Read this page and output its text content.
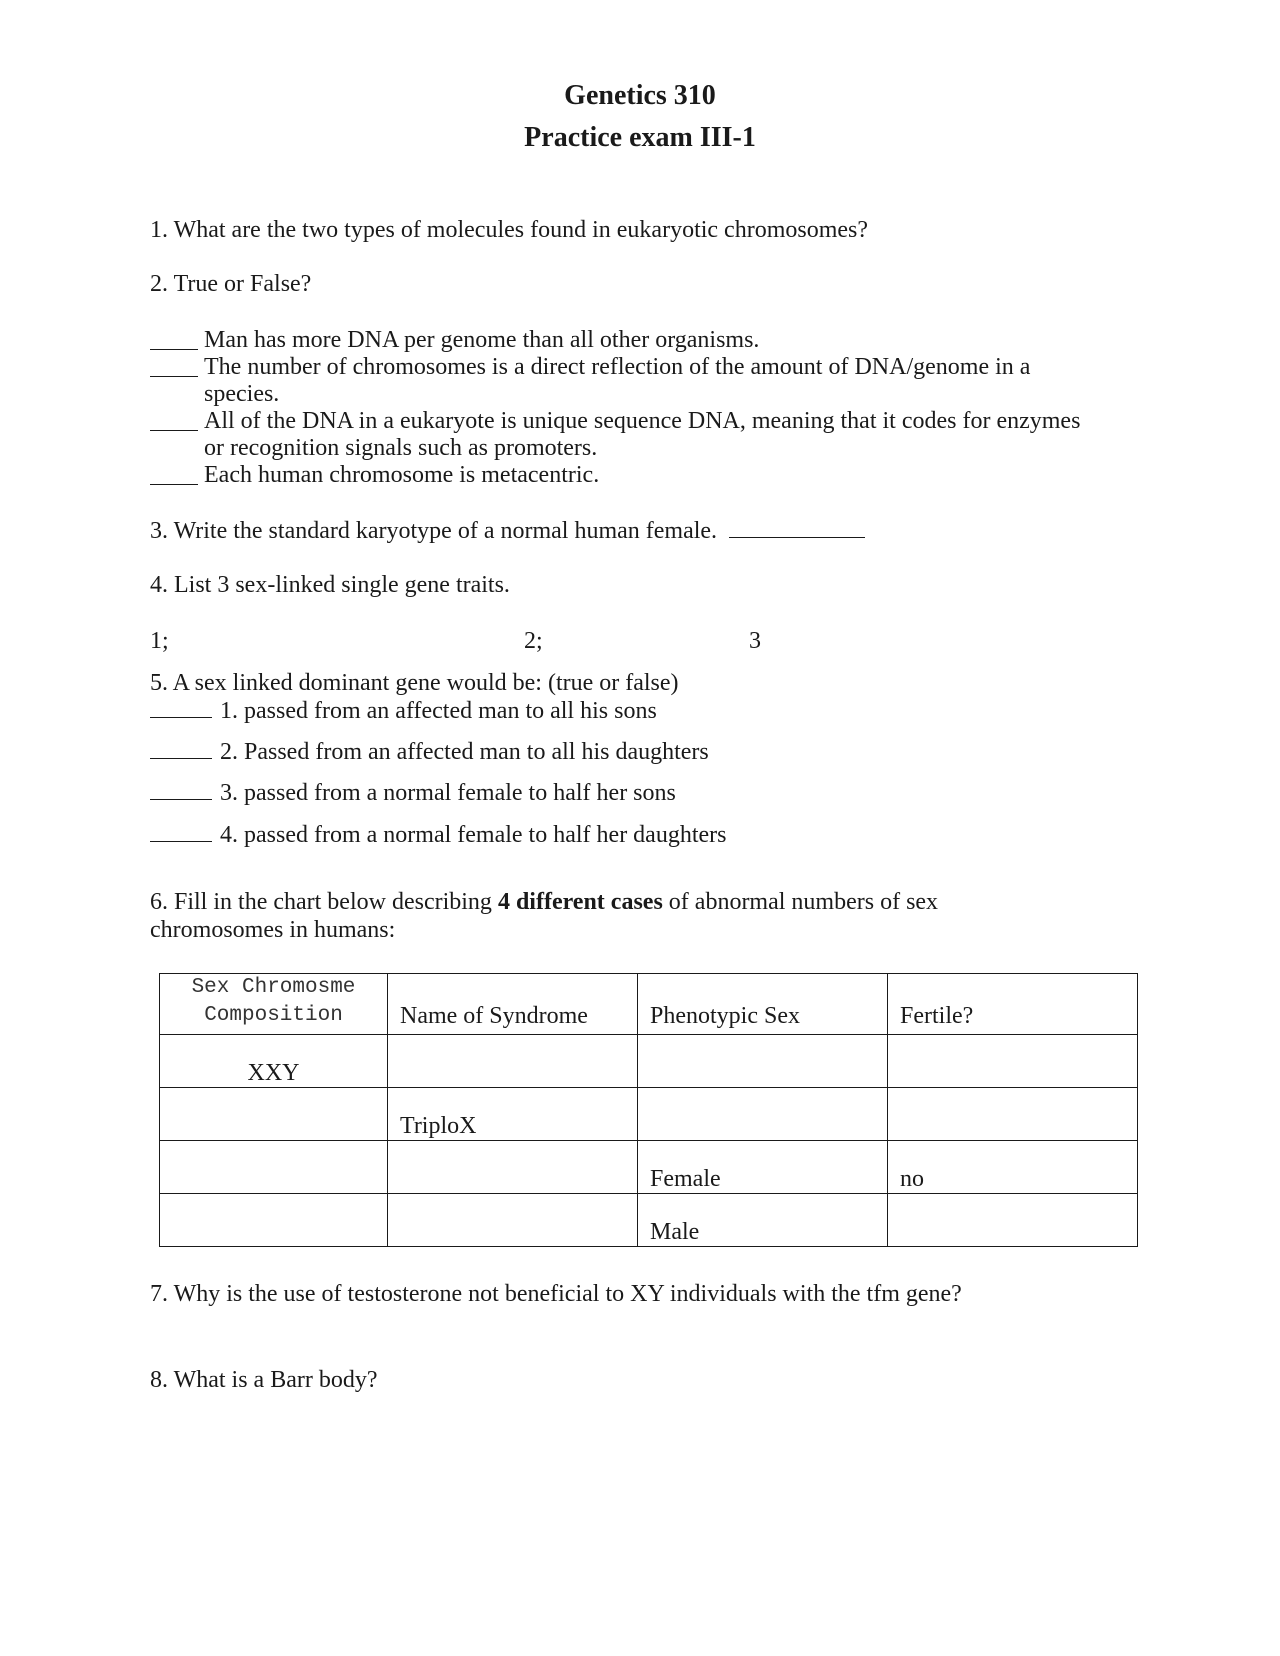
Genetics 310
Practice exam III-1
1. What are the two types of molecules found in eukaryotic chromosomes?
2. True or False?
Man has more DNA per genome than all other organisms.
The number of chromosomes is a direct reflection of the amount of DNA/genome in a species.
All of the DNA in a eukaryote is unique sequence DNA, meaning that it codes for enzymes or recognition signals such as promoters.
Each human chromosome is metacentric.
3. Write the standard karyotype of a normal human female.
4. List 3 sex-linked single gene traits.
1;	2;	3
5. A sex linked dominant gene would be: (true or false)
1. passed from an affected man to all his sons
2. Passed from an affected man to all his daughters
3. passed from a normal female to half her sons
4. passed from a normal female to half her daughters
6. Fill in the chart below describing 4 different cases of abnormal numbers of sex
chromosomes in humans:
Sex Chromosme
Composition	Name of Syndrome	Phenotypic Sex	Fertile?
XXY			
	TriploX		
		Female	no
		Male	
7. Why is the use of testosterone not beneficial to XY individuals with the tfm gene?
8. What is a Barr body?
